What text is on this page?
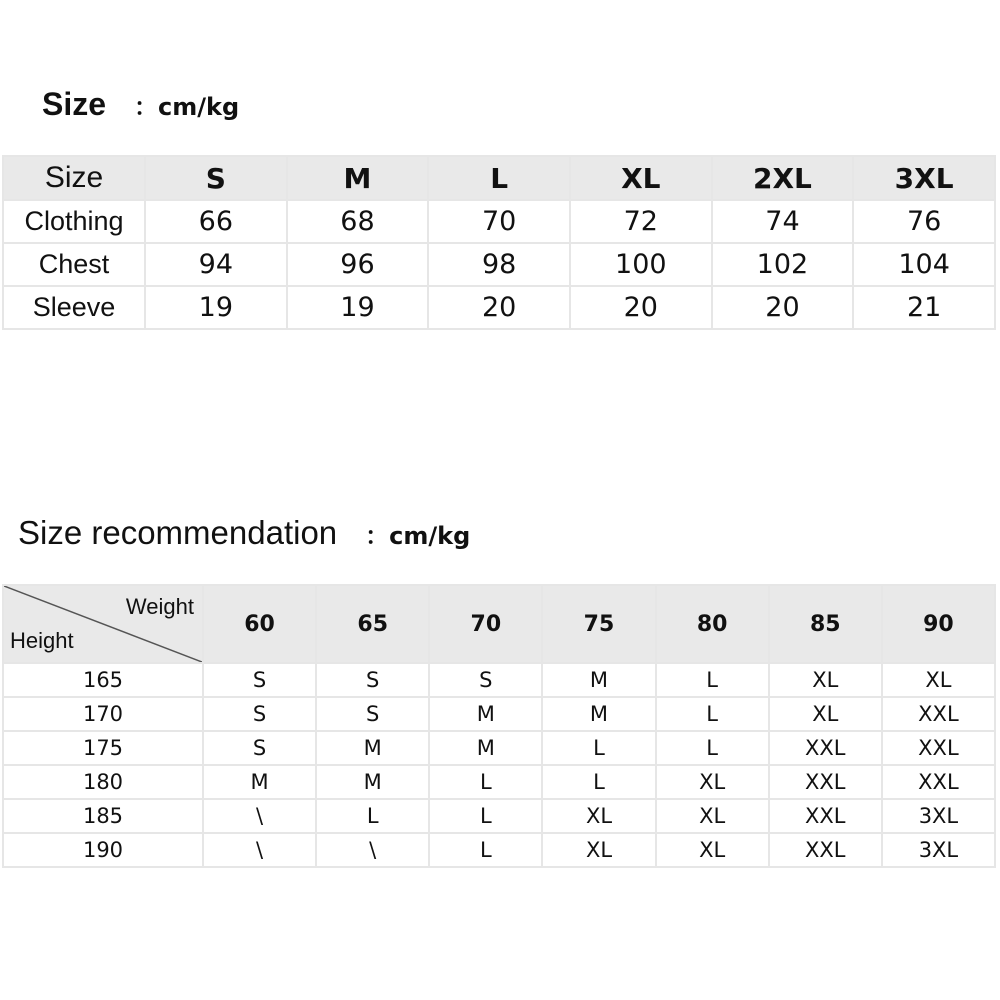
Size ：cm/kg
Size	S	M	L	XL	2XL	3XL
Clothing	66	68	70	72	74	76
Chest	94	96	98	100	102	104
Sleeve	19	19	20	20	20	21
Size recommendation ：cm/kg
Weight
Height	60	65	70	75	80	85	90
165	S	S	S	M	L	XL	XL
170	S	S	M	M	L	XL	XXL
175	S	M	M	L	L	XXL	XXL
180	M	M	L	L	XL	XXL	XXL
185	\	L	L	XL	XL	XXL	3XL
190	\	\	L	XL	XL	XXL	3XL
